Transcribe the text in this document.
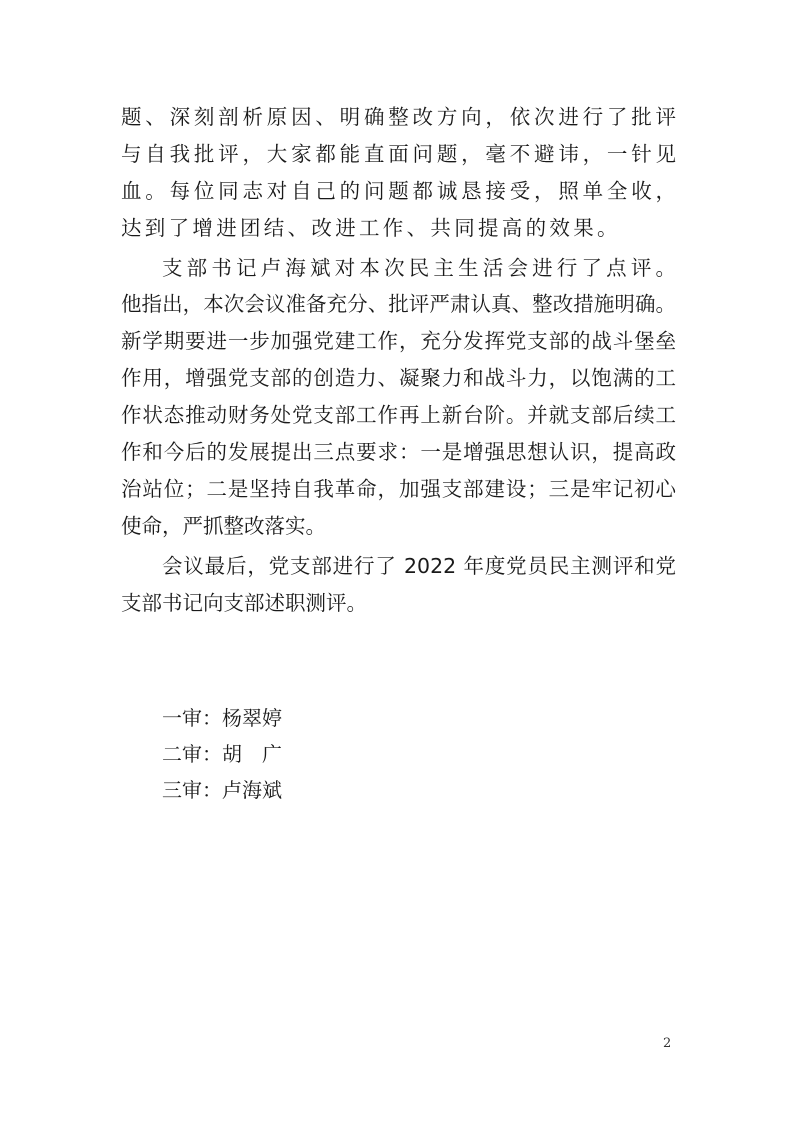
题、深刻剖析原因、明确整改方向，依次进行了批评
与自我批评，大家都能直面问题，毫不避讳，一针见
血。每位同志对自己的问题都诚恳接受，照单全收，
达到了增进团结、改进工作、共同提高的效果。
支部书记卢海斌对本次民主生活会进行了点评。
他指出，本次会议准备充分、批评严肃认真、整改措施明确。
新学期要进一步加强党建工作，充分发挥党支部的战斗堡垒
作用，增强党支部的创造力、凝聚力和战斗力，以饱满的工
作状态推动财务处党支部工作再上新台阶。并就支部后续工
作和今后的发展提出三点要求：一是增强思想认识，提高政
治站位；二是坚持自我革命，加强支部建设；三是牢记初心
使命，严抓整改落实。
会议最后，党支部进行了 2022 年度党员民主测评和党
支部书记向支部述职测评。
一审：杨翠婷
二审：胡　广
三审：卢海斌
2
